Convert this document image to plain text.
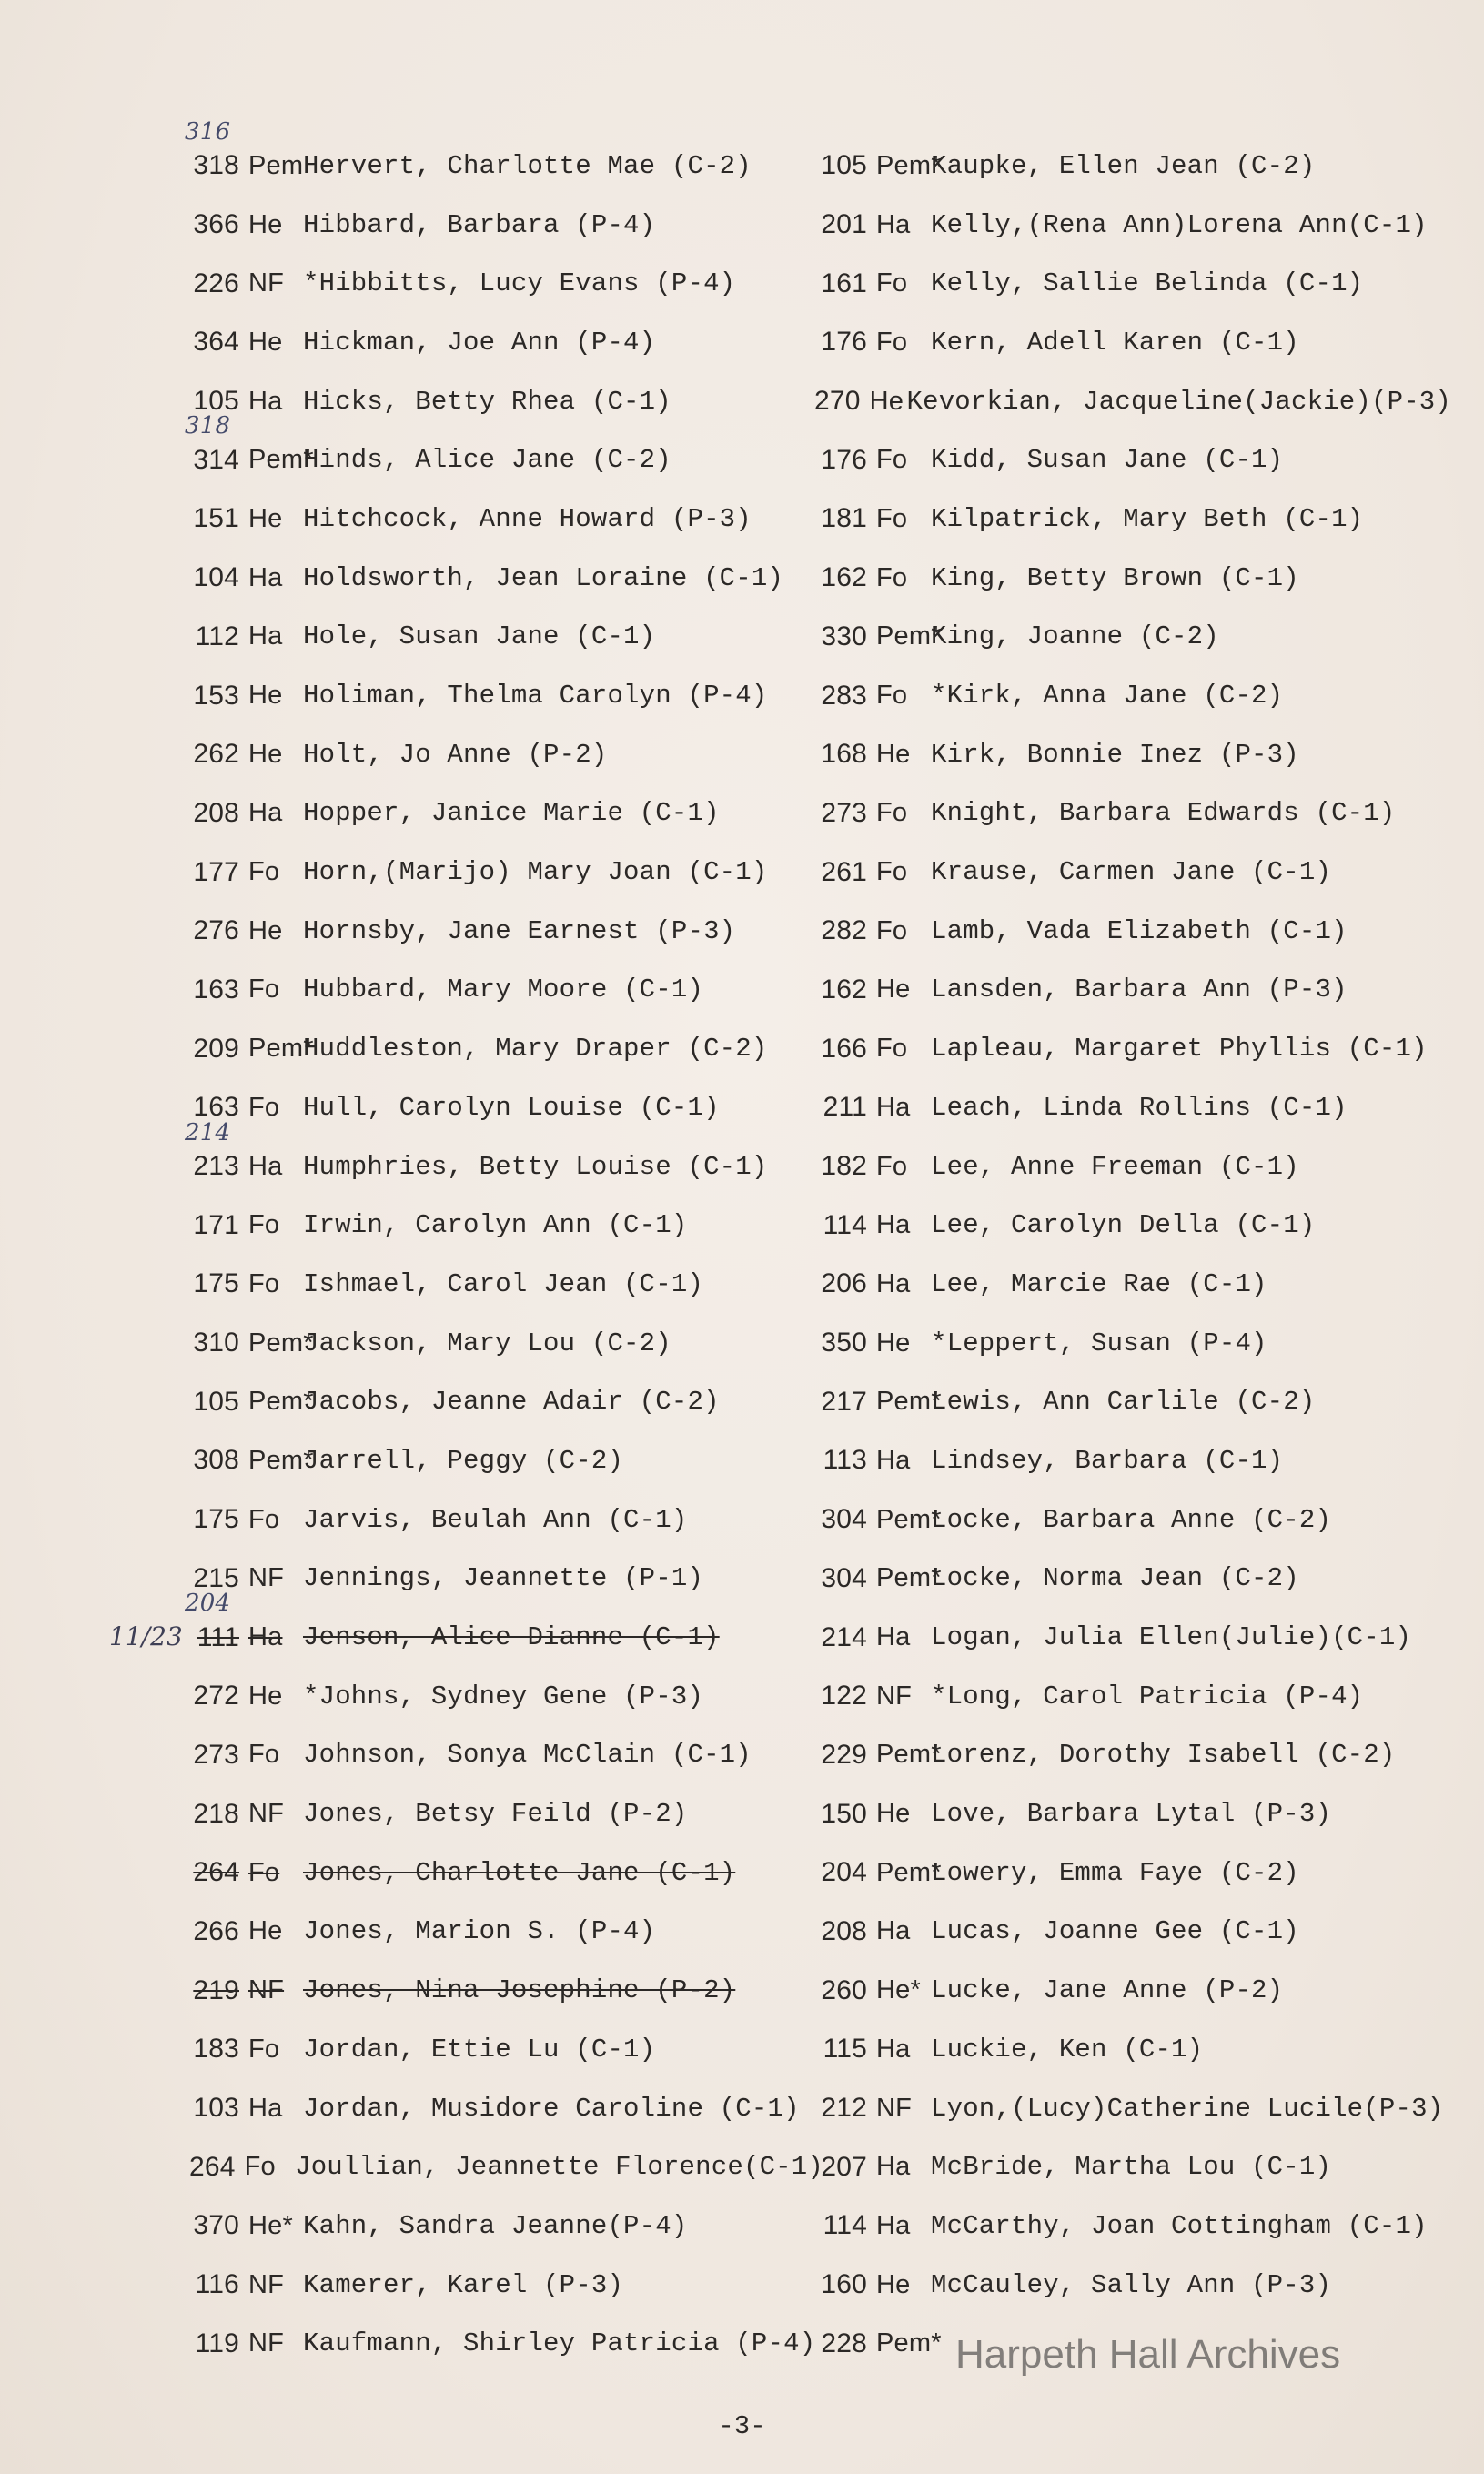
316
318 Pem Hervert, Charlotte Mae (C-2)
366 He Hibbard, Barbara (P-4)
226 NF *Hibbitts, Lucy Evans (P-4)
364 He Hickman, Joe Ann (P-4)
105 Ha Hicks, Betty Rhea (C-1)
318
314 Pem*
Hinds, Alice Jane (C-2)
151 He Hitchcock, Anne Howard (P-3)
104 Ha Holdsworth, Jean Loraine (C-1)
112 Ha Hole, Susan Jane (C-1)
153 He Holiman, Thelma Carolyn (P-4)
262 He Holt, Jo Anne (P-2)
208 Ha Hopper, Janice Marie (C-1)
177 Fo Horn,(Marijo) Mary Joan (C-1)
276 He Hornsby, Jane Earnest (P-3)
163 Fo Hubbard, Mary Moore (C-1)
209 Pem*
Huddleston, Mary Draper (C-2)
163 Fo Hull, Carolyn Louise (C-1)
214
213 Ha Humphries, Betty Louise (C-1)
171 Fo Irwin, Carolyn Ann (C-1)
175 Fo Ishmael, Carol Jean (C-1)
310 Pem*
Jackson, Mary Lou (C-2)
105 Pem*
Jacobs, Jeanne Adair (C-2)
308 Pem*
Jarrell, Peggy (C-2)
175 Fo Jarvis, Beulah Ann (C-1)
215 NF Jennings, Jeannette (P-1)
204
111 Ha Jenson, Alice Dianne (C-1)
272 He *Johns, Sydney Gene (P-3)
273 Fo Johnson, Sonya McClain (C-1)
218 NF Jones, Betsy Feild (P-2)
264 Fo Jones, Charlotte Jane (C-1)
266 He Jones, Marion S. (P-4)
219 NF Jones, Nina Josephine (P-2)
183 Fo Jordan, Ettie Lu (C-1)
103 Ha Jordan, Musidore Caroline (C-1)
264 Fo Joullian, Jeannette Florence(C-1)
370 He* Kahn, Sandra Jeanne(P-4)
116 NF Kamerer, Karel (P-3)
119 NF Kaufmann, Shirley Patricia (P-4)
105 Pem*
Kaupke, Ellen Jean (C-2)
201 Ha Kelly,(Rena Ann)Lorena Ann(C-1)
161 Fo Kelly, Sallie Belinda (C-1)
176 Fo Kern, Adell Karen (C-1)
270 He Kevorkian, Jacqueline(Jackie)(P-3)
176 Fo Kidd, Susan Jane (C-1)
181 Fo Kilpatrick, Mary Beth (C-1)
162 Fo King, Betty Brown (C-1)
330 Pem*
King, Joanne (C-2)
283 Fo *Kirk, Anna Jane (C-2)
168 He Kirk, Bonnie Inez (P-3)
273 Fo Knight, Barbara Edwards (C-1)
261 Fo Krause, Carmen Jane (C-1)
282 Fo Lamb, Vada Elizabeth (C-1)
162 He Lansden, Barbara Ann (P-3)
166 Fo Lapleau, Margaret Phyllis (C-1)
211 Ha Leach, Linda Rollins (C-1)
182 Fo Lee, Anne Freeman (C-1)
114 Ha Lee, Carolyn Della (C-1)
206 Ha Lee, Marcie Rae (C-1)
350 He *Leppert, Susan (P-4)
217 Pem*
Lewis, Ann Carlile (C-2)
113 Ha Lindsey, Barbara (C-1)
304 Pem*
Locke, Barbara Anne (C-2)
304 Pem*
Locke, Norma Jean (C-2)
214 Ha Logan, Julia Ellen(Julie)(C-1)
122 NF *Long, Carol Patricia (P-4)
229 Pem*
Lorenz, Dorothy Isabell (C-2)
150 He Love, Barbara Lytal (P-3)
204 Pem*
Lowery, Emma Faye (C-2)
208 Ha Lucas, Joanne Gee (C-1)
260 He* Lucke, Jane Anne (P-2)
115 Ha Luckie, Ken (C-1)
212 NF Lyon,(Lucy)Catherine Lucile(P-3)
207 Ha McBride, Martha Lou (C-1)
114 Ha McCarthy, Joan Cottingham (C-1)
160 He McCauley, Sally Ann (P-3)
228 Pem*
11/23
Harpeth Hall Archives
-3-
